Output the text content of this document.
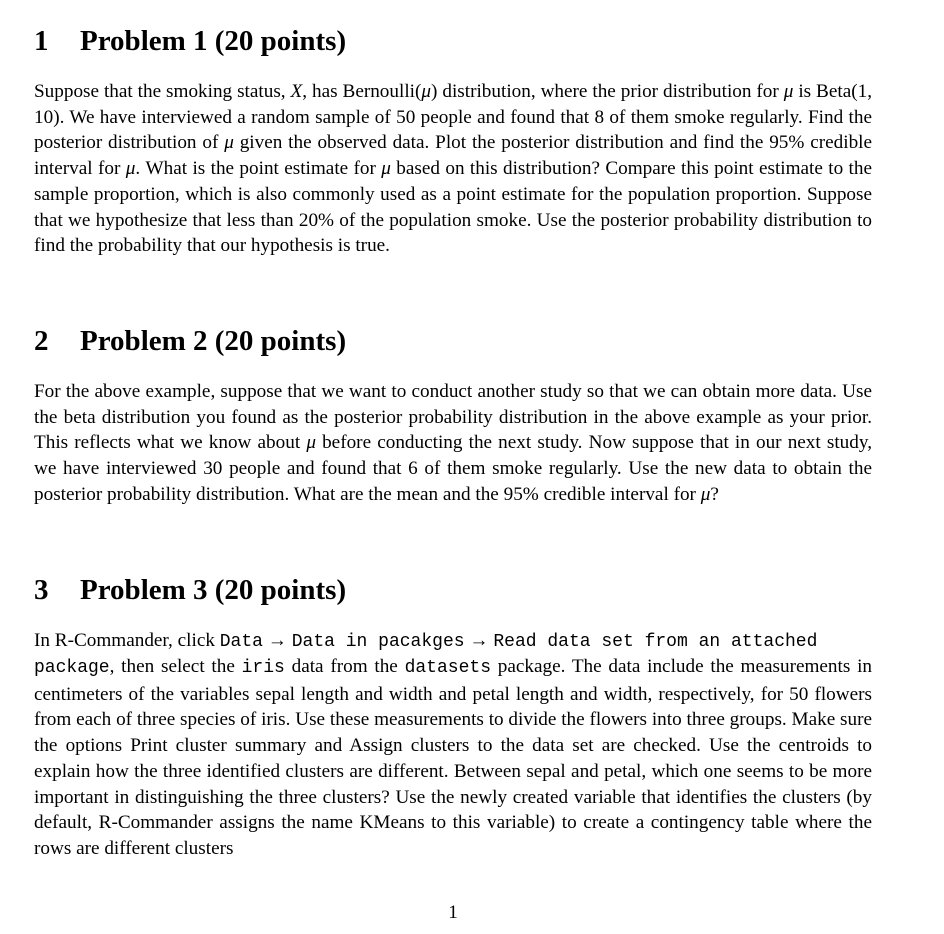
1 Problem 1 (20 points)
Suppose that the smoking status, X, has Bernoulli(μ) distribution, where the prior distribution for μ is Beta(1, 10). We have interviewed a random sample of 50 people and found that 8 of them smoke regularly. Find the posterior distribution of μ given the observed data. Plot the posterior distribution and find the 95% credible interval for μ. What is the point estimate for μ based on this distribution? Compare this point estimate to the sample proportion, which is also commonly used as a point estimate for the population proportion. Suppose that we hypothesize that less than 20% of the population smoke. Use the posterior probability distribution to find the probability that our hypothesis is true.
2 Problem 2 (20 points)
For the above example, suppose that we want to conduct another study so that we can obtain more data. Use the beta distribution you found as the posterior probability distribution in the above example as your prior. This reflects what we know about μ before conducting the next study. Now suppose that in our next study, we have interviewed 30 people and found that 6 of them smoke regularly. Use the new data to obtain the posterior probability distribution. What are the mean and the 95% credible interval for μ?
3 Problem 3 (20 points)
In R-Commander, click Data → Data in pacakges → Read data set from an attached
package, then select the iris data from the datasets package. The data include the measurements in centimeters of the variables sepal length and width and petal length and width, respectively, for 50 flowers from each of three species of iris. Use these measurements to divide the flowers into three groups. Make sure the options Print cluster summary and Assign clusters to the data set are checked. Use the centroids to explain how the three identified clusters are different. Between sepal and petal, which one seems to be more important in distinguishing the three clusters? Use the newly created variable that identifies the clusters (by default, R-Commander assigns the name KMeans to this variable) to create a contingency table where the rows are different clusters
1
